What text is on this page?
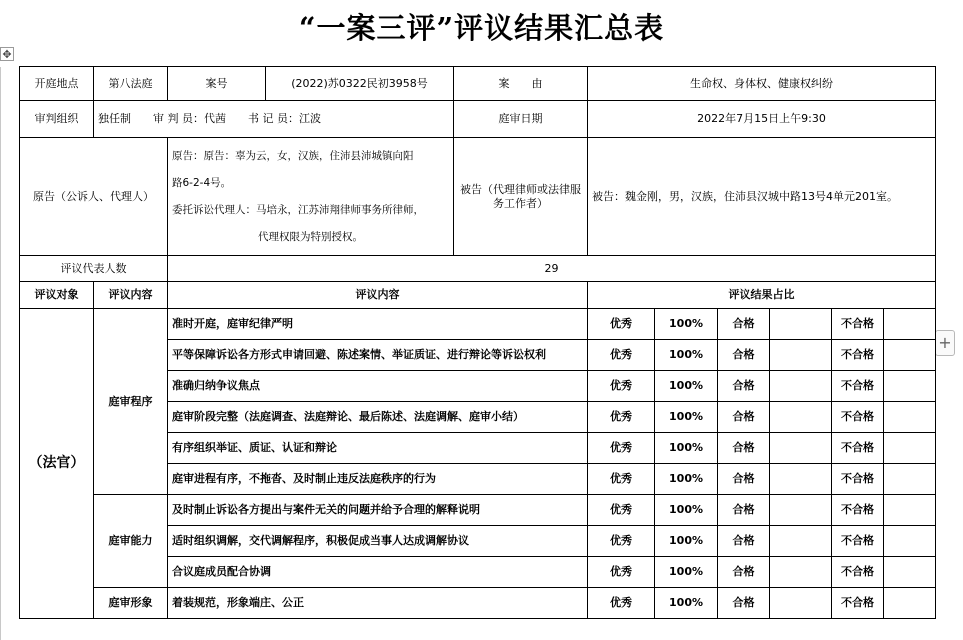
“一案三评”评议结果汇总表
✥
+
开庭地点	第八法庭	案号	(2022)苏0322民初3958号	案　　由	生命权、身体权、健康权纠纷					
审判组织	独任制　　审 判 员：代茜　　书 记 员：江波			庭审日期	2022年7月15日上午9:30					
原告（公诉人、代理人）		原告：原告：辜为云，女，汉族，住沛县沛城镇向阳
路6-2-4号。
委托诉讼代理人：马培永，江苏沛翔律师事务所律师，
代理权限为特别授权。		被告（代理律师或法律服务工作者）	被告：魏金刚，男，汉族，住沛县汉城中路13号4单元201室。					
评议代表人数		29								
评议对象	评议内容	评议内容			评议结果占比					
（法官）	庭审程序	准时开庭，庭审纪律严明			优秀	100%	合格		不合格	
		平等保障诉讼各方形式申请回避、陈述案情、举证质证、进行辩论等诉讼权利			优秀	100%	合格		不合格	
		准确归纳争议焦点			优秀	100%	合格		不合格	
		庭审阶段完整（法庭调查、法庭辩论、最后陈述、法庭调解、庭审小结）			优秀	100%	合格		不合格	
		有序组织举证、质证、认证和辩论			优秀	100%	合格		不合格	
		庭审进程有序，不拖沓、及时制止违反法庭秩序的行为			优秀	100%	合格		不合格	
	庭审能力	及时制止诉讼各方提出与案件无关的问题并给予合理的解释说明			优秀	100%	合格		不合格	
		适时组织调解，交代调解程序，积极促成当事人达成调解协议			优秀	100%	合格		不合格	
		合议庭成员配合协调			优秀	100%	合格		不合格	
	庭审形象	着装规范，形象端庄、公正			优秀	100%	合格		不合格	
